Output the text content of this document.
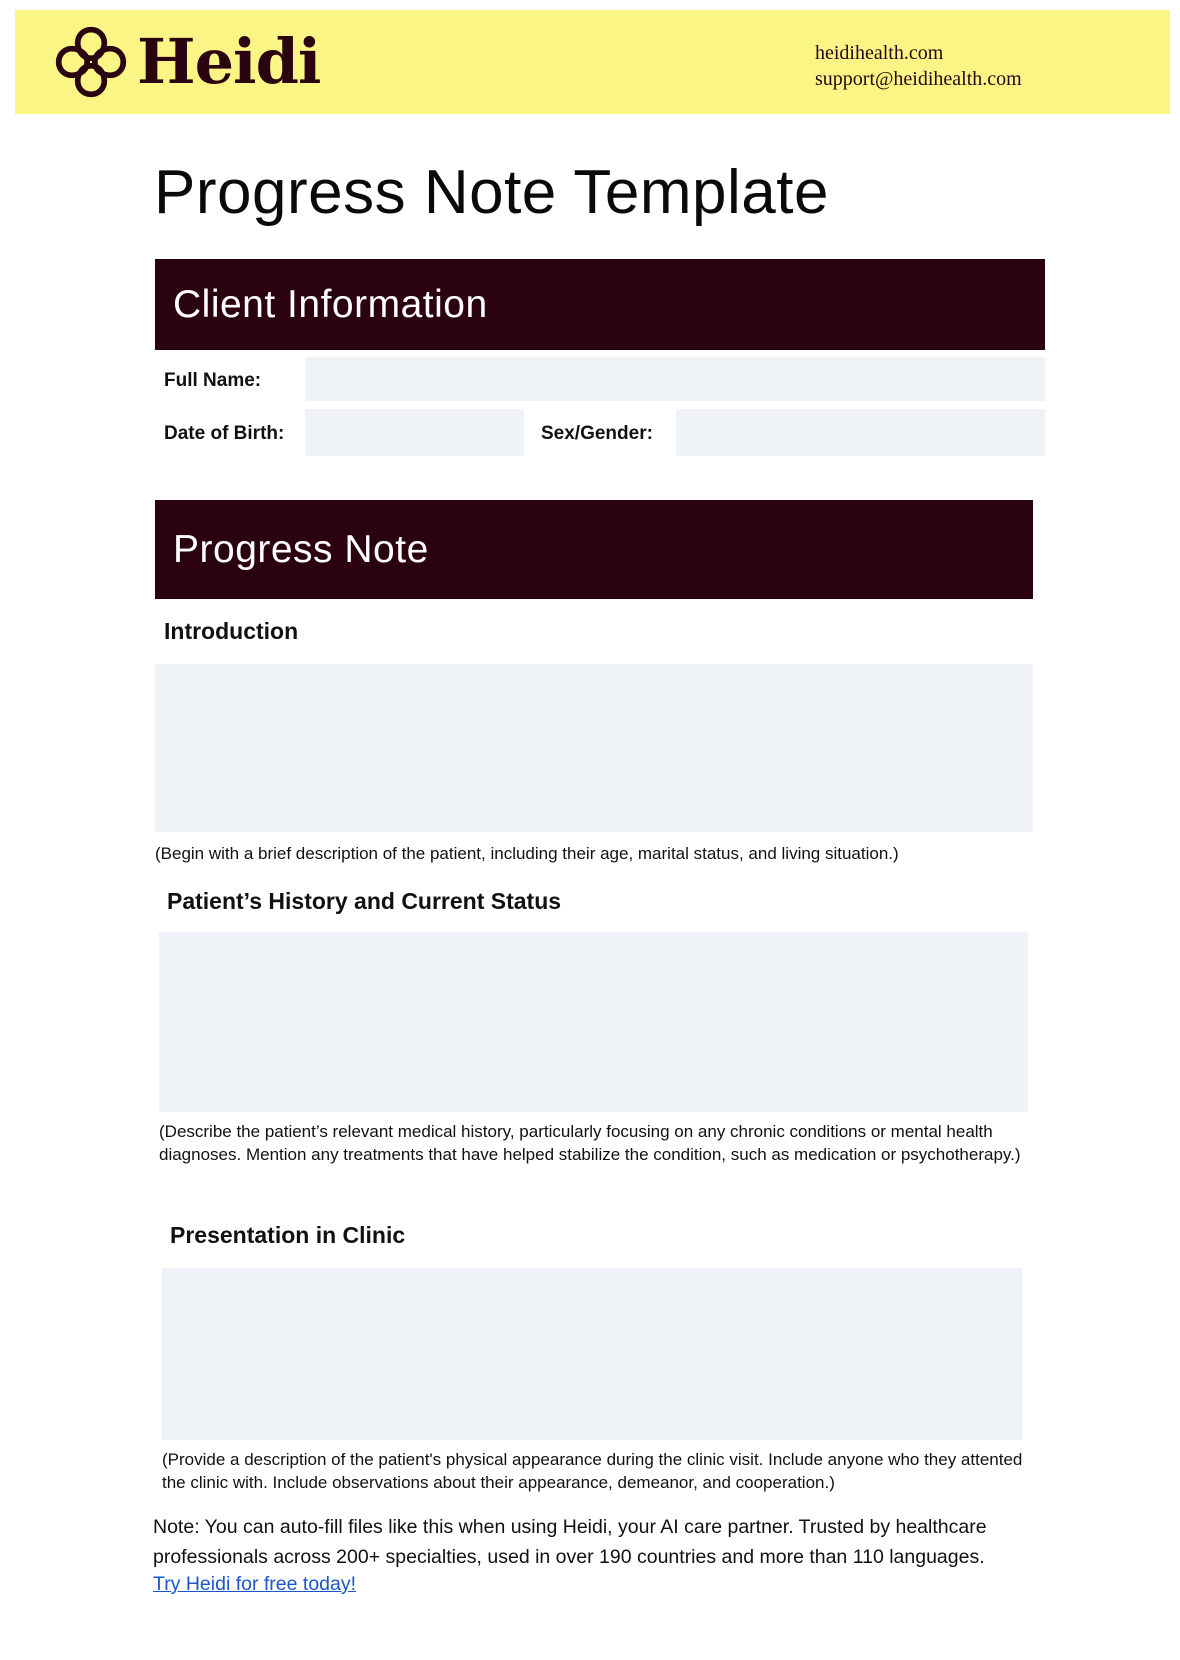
Heidi	heidihealth.com
support@heidihealth.com
Progress Note Template
Client Information
Full Name:
Date of Birth:	Sex/Gender:
Progress Note
Introduction

(Begin with a brief description of the patient, including their age, marital status, and living situation.)

Patient’s History and Current Status

(Describe the patient’s relevant medical history, particularly focusing on any chronic conditions or mental health diagnoses. Mention any treatments that have helped stabilize the condition, such as medication or psychotherapy.)

Presentation in Clinic

(Provide a description of the patient's physical appearance during the clinic visit. Include anyone who they attented the clinic with. Include observations about their appearance, demeanor, and cooperation.)

Note: You can auto-fill files like this when using Heidi, your AI care partner. Trusted by healthcare professionals across 200+ specialties, used in over 190 countries and more than 110 languages.

Try Heidi for free today!
